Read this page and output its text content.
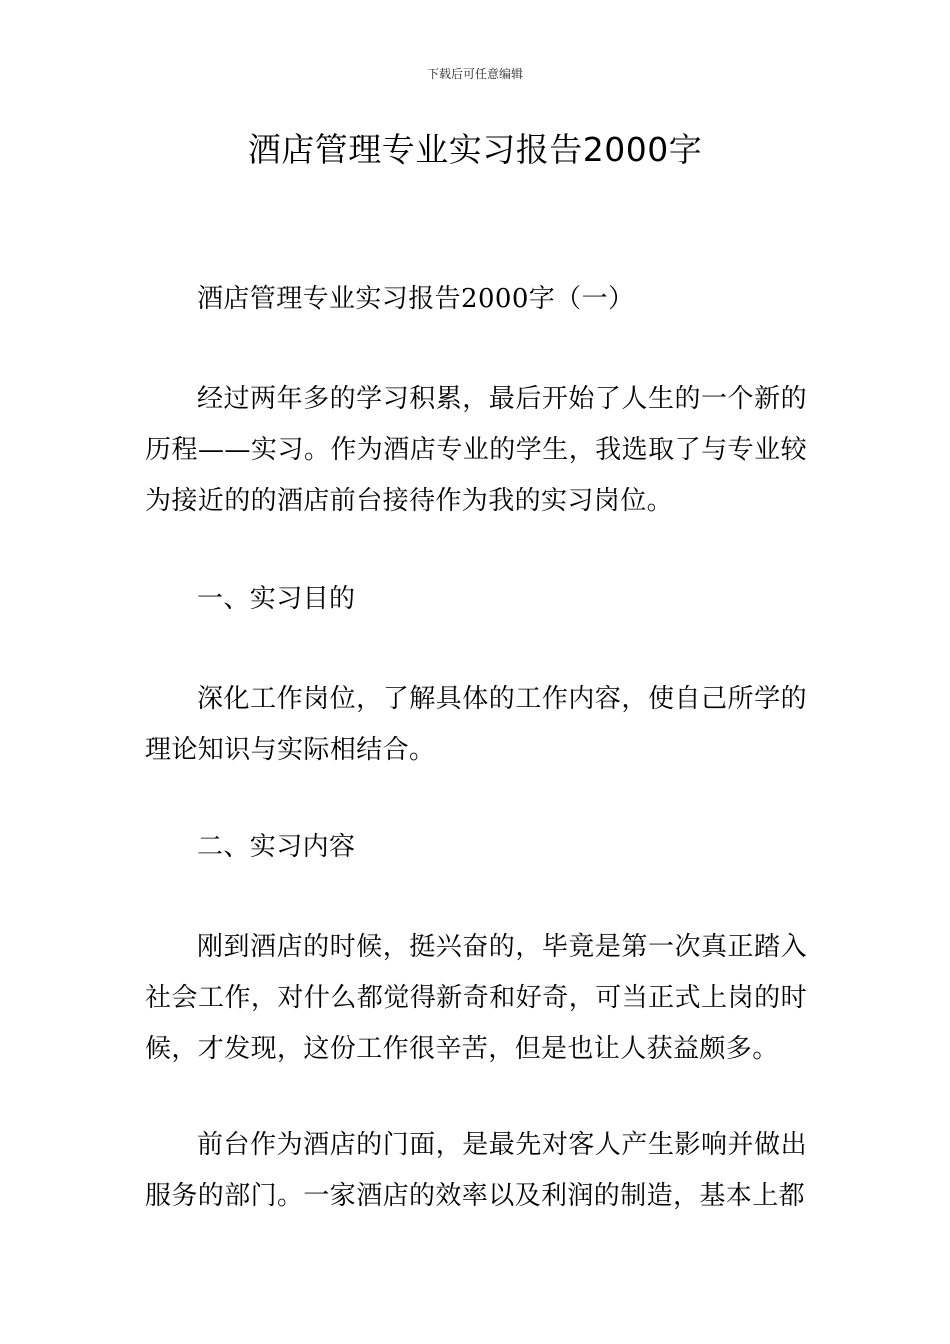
下载后可任意编辑
酒店管理专业实习报告2000字

酒店管理专业实习报告2000字（一）

经过两年多的学习积累，最后开始了人生的一个新的历程——实习。作为酒店专业的学生，我选取了与专业较为接近的的酒店前台接待作为我的实习岗位。

一、实习目的

深化工作岗位，了解具体的工作内容，使自己所学的理论知识与实际相结合。

二、实习内容

刚到酒店的时候，挺兴奋的，毕竟是第一次真正踏入社会工作，对什么都觉得新奇和好奇，可当正式上岗的时候，才发现，这份工作很辛苦，但是也让人获益颇多。

前台作为酒店的门面，是最先对客人产生影响并做出服务的部门。一家酒店的效率以及利润的制造，基本上都
